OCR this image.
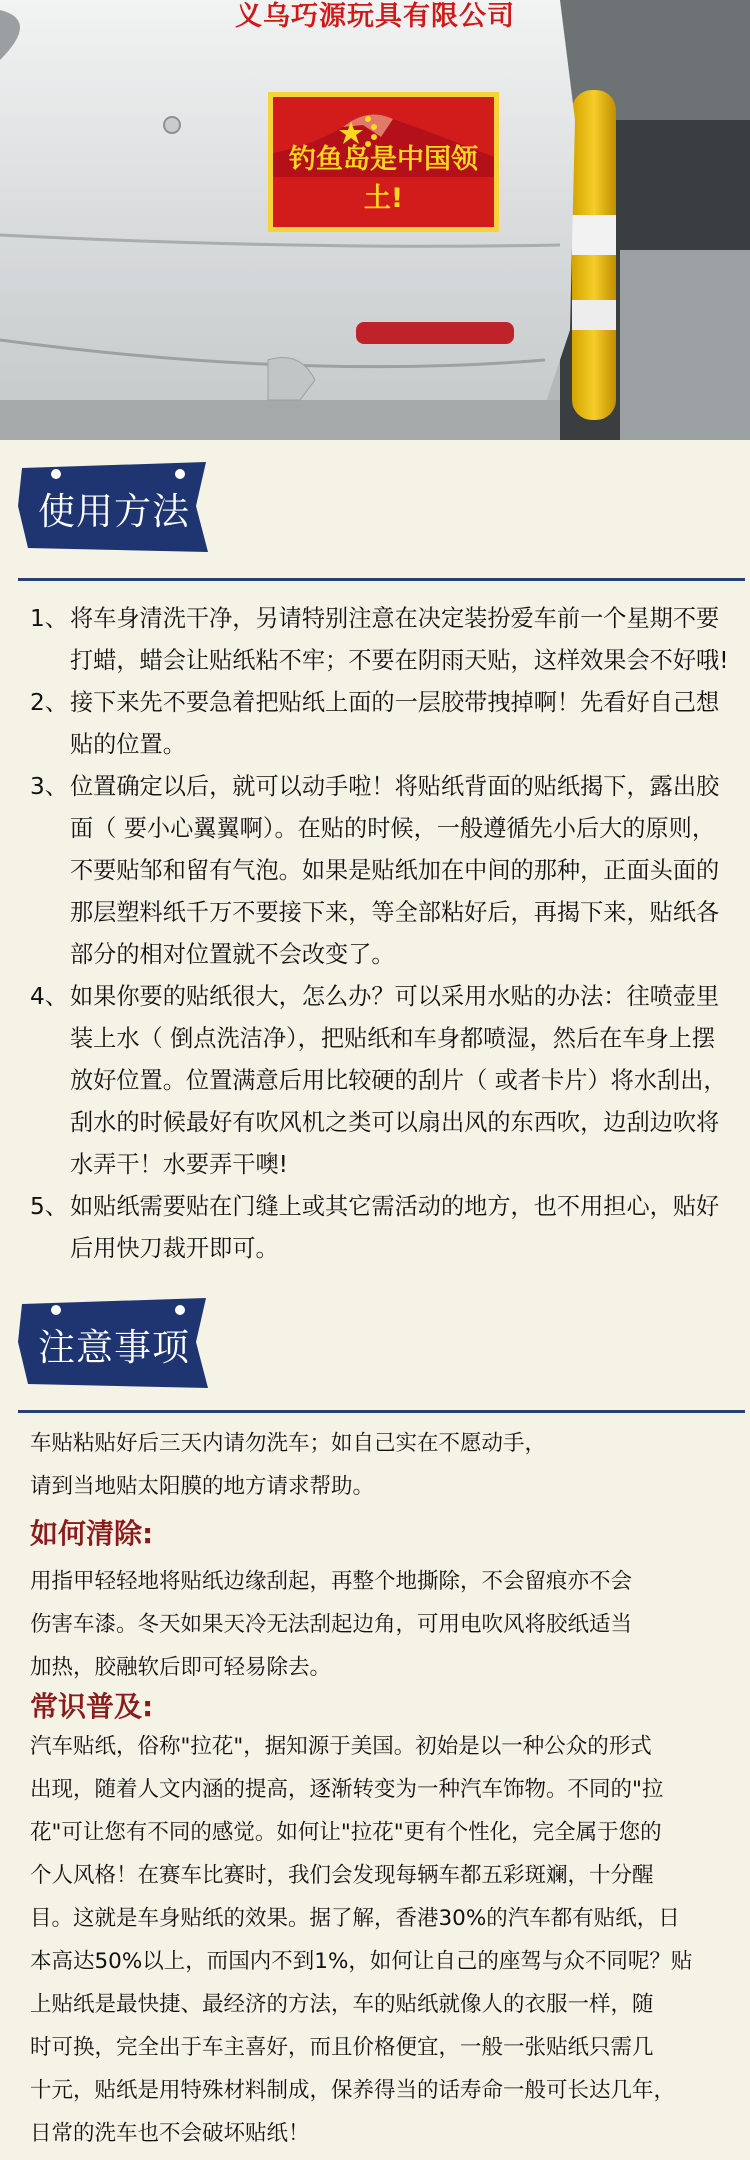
义乌巧源玩具有限公司
钓鱼岛是中国领土!
使用方法
1、 将车身清洗干净，另请特别注意在决定装扮爱车前一个星期不要打蜡，蜡会让贴纸粘不牢；不要在阴雨天贴，这样效果会不好哦!
2、 接下来先不要急着把贴纸上面的一层胶带拽掉啊！先看好自己想贴的位置。
3、 位置确定以后，就可以动手啦！将贴纸背面的贴纸揭下，露出胶面（ 要小心翼翼啊）。在贴的时候，一般遵循先小后大的原则，不要贴邹和留有气泡。如果是贴纸加在中间的那种，正面头面的那层塑料纸千万不要接下来，等全部粘好后，再揭下来，贴纸各部分的相对位置就不会改变了。
4、 如果你要的贴纸很大，怎么办？可以采用水贴的办法：往喷壶里装上水（ 倒点洗洁净），把贴纸和车身都喷湿，然后在车身上摆放好位置。位置满意后用比较硬的刮片（ 或者卡片）将水刮出，刮水的时候最好有吹风机之类可以扇出风的东西吹，边刮边吹将水弄干！水要弄干噢!
5、 如贴纸需要贴在门缝上或其它需活动的地方，也不用担心，贴好后用快刀裁开即可。
注意事项
车贴粘贴好后三天内请勿洗车；如自己实在不愿动手，
请到当地贴太阳膜的地方请求帮助。
如何清除:
用指甲轻轻地将贴纸边缘刮起，再整个地撕除，不会留痕亦不会
伤害车漆。冬天如果天冷无法刮起边角，可用电吹风将胶纸适当
加热，胶融软后即可轻易除去。
常识普及:
汽车贴纸，俗称"拉花"，据知源于美国。初始是以一种公众的形式
出现，随着人文内涵的提高，逐渐转变为一种汽车饰物。不同的"拉
花"可让您有不同的感觉。如何让"拉花"更有个性化，完全属于您的
个人风格！在赛车比赛时，我们会发现每辆车都五彩斑斓，十分醒
目。这就是车身贴纸的效果。据了解，香港30%的汽车都有贴纸，日
本高达50%以上，而国内不到1%，如何让自己的座驾与众不同呢？贴
上贴纸是最快捷、最经济的方法，车的贴纸就像人的衣服一样，随
时可换，完全出于车主喜好，而且价格便宜，一般一张贴纸只需几
十元，贴纸是用特殊材料制成，保养得当的话寿命一般可长达几年，
日常的洗车也不会破坏贴纸！
